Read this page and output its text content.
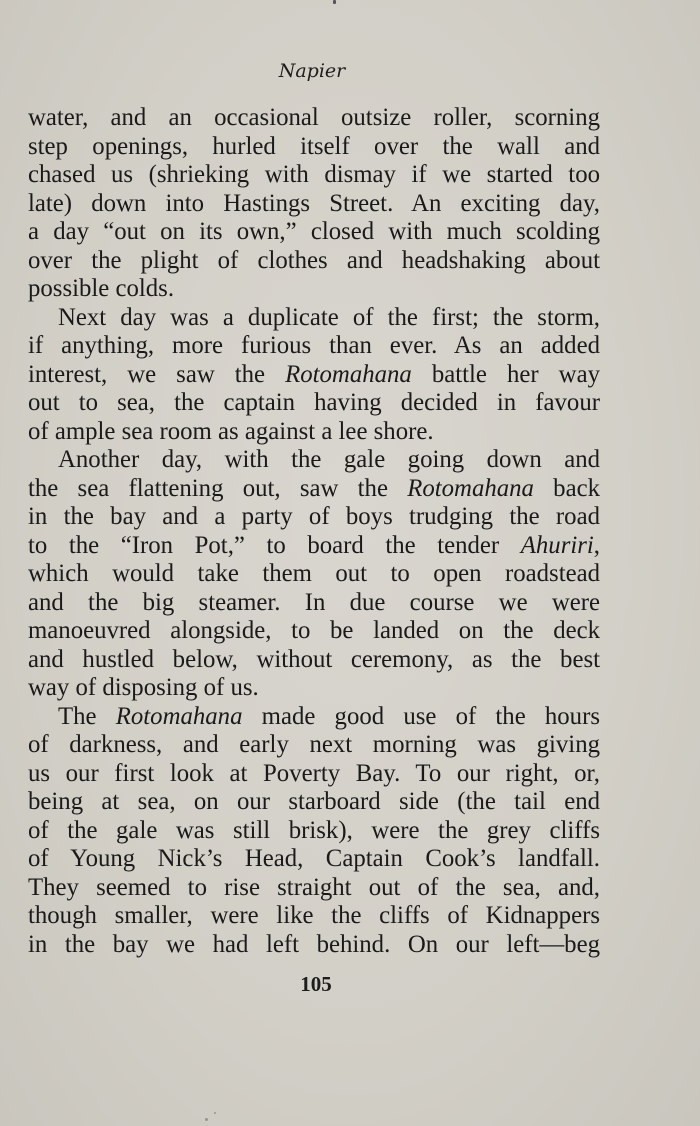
Napier
water, and an occasional outsize roller, scorning
step openings, hurled itself over the wall and
chased us (shrieking with dismay if we started too
late) down into Hastings Street. An exciting day,
a day “out on its own,” closed with much scolding
over the plight of clothes and headshaking about
possible colds.
Next day was a duplicate of the first; the storm,
if anything, more furious than ever. As an added
interest, we saw the Rotomahana battle her way
out to sea, the captain having decided in favour
of ample sea room as against a lee shore.
Another day, with the gale going down and
the sea flattening out, saw the Rotomahana back
in the bay and a party of boys trudging the road
to the “Iron Pot,” to board the tender Ahuriri,
which would take them out to open roadstead
and the big steamer. In due course we were
manoeuvred alongside, to be landed on the deck
and hustled below, without ceremony, as the best
way of disposing of us.
The Rotomahana made good use of the hours
of darkness, and early next morning was giving
us our first look at Poverty Bay. To our right, or,
being at sea, on our starboard side (the tail end
of the gale was still brisk), were the grey cliffs
of Young Nick’s Head, Captain Cook’s landfall.
They seemed to rise straight out of the sea, and,
though smaller, were like the cliffs of Kidnappers
in the bay we had left behind. On our left—beg
105
